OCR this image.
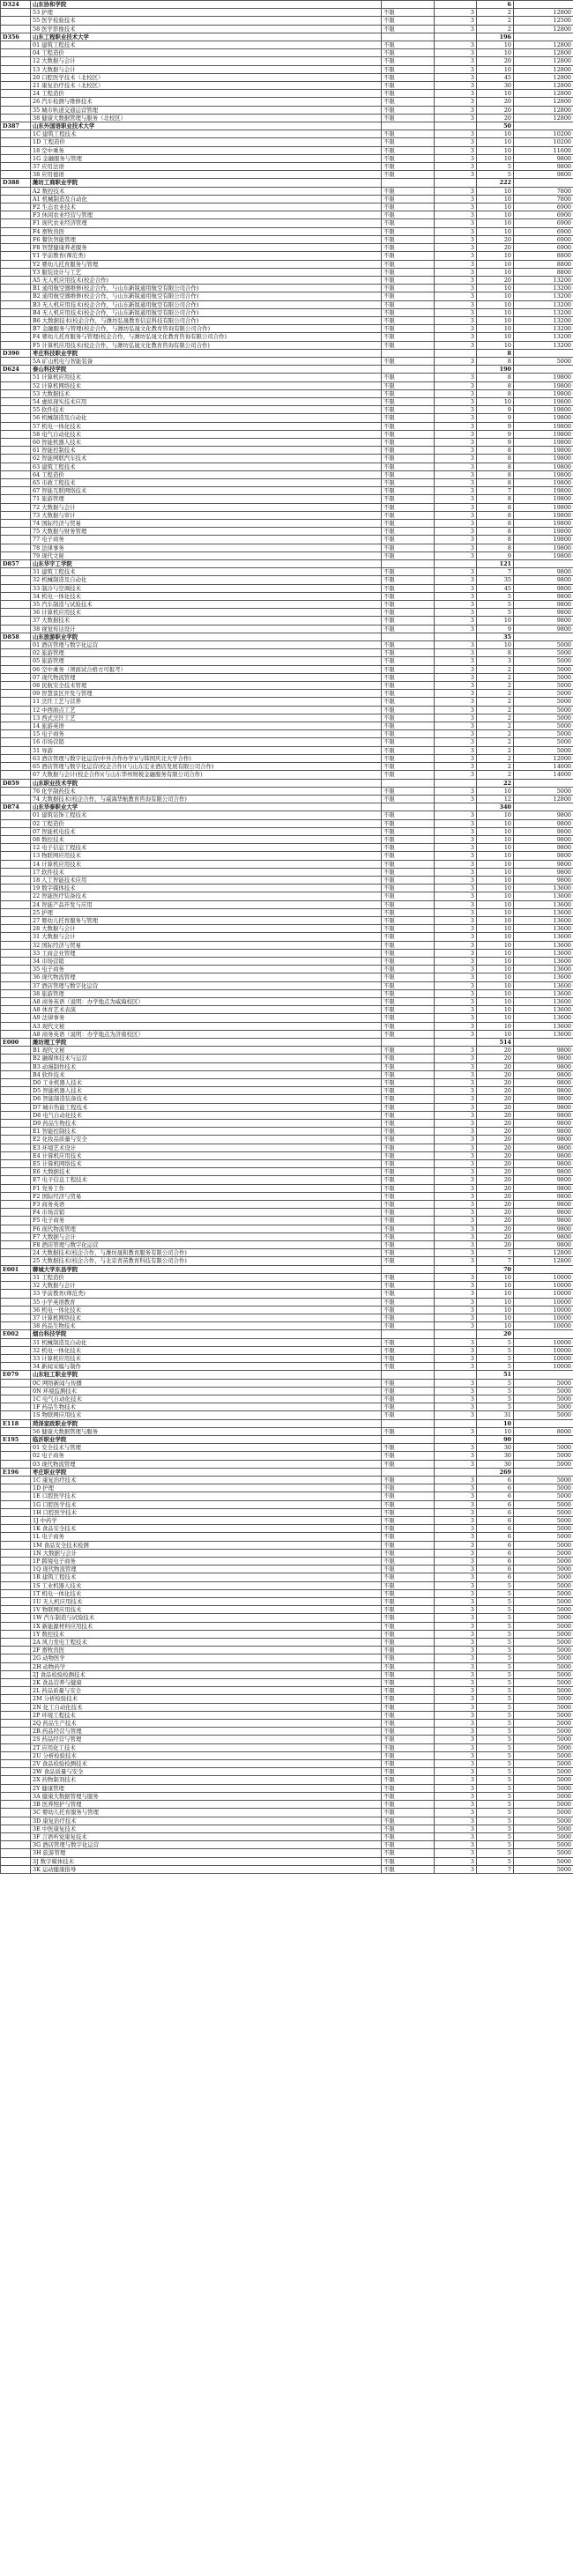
D324	山东协和学院			6	
	53 护理	不限	3	2	12800
	55 医学检验技术	不限	3	2	12500
	58 医学影像技术	不限	3	2	12800
D356	山东工程职业技术大学			196	
	01 建筑工程技术	不限	3	10	12800
	04 工程造价	不限	3	10	12800
	12 大数据与会计	不限	3	20	12800
	13 大数据与会计	不限	3	10	12800
	20 口腔医学技术（北校区）	不限	3	45	12800
	21 康复治疗技术（北校区）	不限	3	30	12800
	24 工程造价	不限	3	10	12800
	26 汽车检测与维修技术	不限	3	20	12800
	35 城市轨道交通运营管理	不限	3	20	12800
	38 健康大数据管理与服务（北校区）	不限	3	20	12800
D387	山东外国语职业技术大学			50	
	1C 建筑工程技术	不限	3	10	10200
	1D 工程造价	不限	3	10	10200
	18 空中乘务	不限	3	10	11600
	1G 金融服务与管理	不限	3	10	9800
	37 应用法语	不限	3	5	9800
	38 应用德语	不限	3	5	9800
D388	潍坊工商职业学院			222	
	A2 数控技术	不限	3	10	7800
	A1 机械制造及自动化	不限	3	10	7800
	F2 生态农业技术	不限	3	10	6900
	F3 休闲农业经营与管理	不限	3	10	6900
	F1 现代农业经济管理	不限	3	10	6900
	F4 畜牧兽医	不限	3	10	6900
	F6 餐饮智能管理	不限	3	20	6900
	F8 智慧健康养老服务	不限	3	20	6900
	Y1 学前教育(师范类)	不限	3	10	8800
	Y2 婴幼儿托育服务与管理	不限	3	10	8800
	Y3 服装设计与工艺	不限	3	10	8800
	A5 无人机应用技术(校企合作)	不限	3	20	13200
	B1 通用航空器维修(校企合作，与山东新锐通用航空有限公司合作)	不限	3	10	13200
	B2 通用航空器维修(校企合作，与山东新锐通用航空有限公司合作)	不限	3	10	13200
	B3 无人机应用技术(校企合作，与山东新锐通用航空有限公司合作)	不限	3	10	13200
	B4 无人机应用技术(校企合作，与山东新锐通用航空有限公司合作)	不限	3	10	13200
	B6 大数据技术(校企合作，与潍坊弘晟教育信息科技有限公司合作)	不限	3	10	13200
	B7 金融服务与管理(校企合作，与潍坊弘晟文化教育咨询有限公司合作)	不限	3	10	13200
	F4 婴幼儿托育服务与管理(校企合作，与潍坊弘晟文化教育咨询有限公司合作)	不限	3	10	13200
	F5 计算机应用技术(校企合作，与潍坊弘晟文化教育咨询有限公司合作)	不限	3	10	13200
D390	枣庄科技职业学院			8	
	5A 矿山机电与智能装备	不限	3	8	5000
D624	泰山科技学院			190	
	51 计算机应用技术	不限	3	8	19800
	52 计算机网络技术	不限	3	8	19800
	53 大数据技术	不限	3	8	19800
	54 虚拟现实技术应用	不限	3	10	19800
	55 软件技术	不限	3	9	19800
	56 机械制造及自动化	不限	3	9	19800
	57 机电一体化技术	不限	3	9	19800
	58 电气自动化技术	不限	3	9	19800
	60 智能机器人技术	不限	3	9	19800
	61 智能控制技术	不限	3	8	19800
	62 智能网联汽车技术	不限	3	8	19800
	63 建筑工程技术	不限	3	8	19800
	64 工程造价	不限	3	8	19800
	65 市政工程技术	不限	3	8	19800
	67 智能互联网络技术	不限	3	7	19800
	71 旅游管理	不限	3	8	19800
	72 大数据与会计	不限	3	8	19800
	73 大数据与审计	不限	3	8	19800
	74 国际经济与贸易	不限	3	8	19800
	75 大数据与财务管理	不限	3	8	19800
	77 电子商务	不限	3	8	19800
	78 法律事务	不限	3	8	19800
	79 现代文秘	不限	3	9	19800
D857	山东华宇工学院			121	
	31 建筑工程技术	不限	3	7	9800
	32 机械制造及自动化	不限	3	35	9800
	33 制冷与空调技术	不限	3	45	9800
	34 机电一体化技术	不限	3	5	9800
	35 汽车制造与试验技术	不限	3	5	9800
	36 计算机应用技术	不限	3	5	9800
	37 大数据技术	不限	3	10	9800
	38 视觉传达设计	不限	3	9	9800
D858	山东旅游职业学院			35	
	01 酒店管理与数字化运营	不限	3	10	5000
	02 旅游管理	不限	3	8	5000
	05 旅游管理	不限	3	3	5000
	06 空中乘务（须面试合格方可报考）	不限	3	2	5000
	07 现代物流管理	不限	3	2	5000
	08 民航安全技术管理	不限	3	2	5000
	09 智慧景区开发与管理	不限	3	2	5000
	11 烹饪工艺与营养	不限	3	2	5000
	12 中西面点工艺	不限	3	2	5000
	13 西式烹饪工艺	不限	3	2	5000
	14 旅游英语	不限	3	2	5000
	15 电子商务	不限	3	2	5000
	16 市场营销	不限	3	2	5000
	31 导游	不限	3	2	5000
	63 酒店管理与数字化运营(中外合作办学)(与韩国庆北大学合作)	不限	3	2	12000
	65 酒店管理与数字化运营(校企合作)(与山东宏业酒店发展有限公司合作)	不限	3	2	14000
	67 大数据与会计(校企合作)(与山东华州财税金融服务有限公司合作)	不限	3	2	14000
D859	山东职业技术学院			22	
	76 化学制药技术	不限	3	10	5000
	74 大数据技术(校企合作，与威海华航教育咨询有限公司合作)	不限	3	12	12800
D874	山东华泰职业大学			340	
	01 建筑装饰工程技术	不限	3	10	9800
	02 工程造价	不限	3	10	9800
	07 智能机电技术	不限	3	10	9800
	08 数控技术	不限	3	10	9800
	12 电子信息工程技术	不限	3	10	9800
	13 物联网应用技术	不限	3	10	9800
	14 计算机应用技术	不限	3	10	9800
	17 软件技术	不限	3	10	9800
	18 人工智能技术应用	不限	3	10	9800
	19 数字媒体技术	不限	3	10	13600
	22 智能医疗装备技术	不限	3	10	13600
	24 智能产品开发与应用	不限	3	10	13600
	25 护理	不限	3	10	13600
	27 婴幼儿托育服务与管理	不限	3	10	13600
	28 大数据与会计	不限	3	10	13600
	31 大数据与会计	不限	3	10	13600
	32 国际经济与贸易	不限	3	10	13600
	33 工商企业管理	不限	3	10	13600
	34 市场营销	不限	3	10	13600
	35 电子商务	不限	3	10	13600
	36 现代物流管理	不限	3	10	13600
	37 酒店管理与数字化运营	不限	3	10	13600
	38 旅游管理	不限	3	10	13600
	A8 商务英语（说明：办学地点为威海校区）	不限	3	10	13600
	A8 体育艺术表演	不限	3	10	13600
	A9 法律事务	不限	3	10	13600
	A3 现代文秘	不限	3	10	13600
	A8 商务英语（说明：办学地点为济南校区）	不限	3	10	13600
E000	潍坊理工学院			514	
	B1 现代文秘	不限	3	20	9800
	B2 融媒体技术与运营	不限	3	20	9800
	B3 动漫制作技术	不限	3	20	9800
	B4 软件技术	不限	3	20	9800
	D0 工业机器人技术	不限	3	20	9800
	D5 智能机器人技术	不限	3	20	9800
	D6 智能制造装备技术	不限	3	20	9800
	D7 城市热能工程技术	不限	3	20	9800
	D8 电气自动化技术	不限	3	20	9800
	D9 药品生物技术	不限	3	20	9800
	E1 智能控制技术	不限	3	20	9800
	E2 化妆品质量与安全	不限	3	20	9800
	E3 环境艺术设计	不限	3	20	9800
	E4 计算机应用技术	不限	3	20	9800
	E5 计算机网络技术	不限	3	20	9800
	E6 大数据技术	不限	3	20	9800
	E7 电子信息工程技术	不限	3	20	9800
	F1 党务工作	不限	3	20	9800
	F2 国际经济与贸易	不限	3	20	9800
	F3 商务英语	不限	3	20	9800
	F4 市场营销	不限	3	20	9800
	F5 电子商务	不限	3	20	9800
	F6 现代物流管理	不限	3	20	9800
	F7 大数据与会计	不限	3	20	9800
	F8 酒店管理与数字化运营	不限	3	20	9800
	24 大数据技术(校企合作，与潍坊晟和教育服务有限公司合作)	不限	3	7	12800
	25 大数据技术(校企合作，与北京青苗教育科技有限公司合作)	不限	3	7	12800
E001	聊城大学东昌学院			70	
	31 工程造价	不限	3	10	10000
	32 大数据与会计	不限	3	10	10000
	33 学前教育(师范类)	不限	3	10	10000
	35 小学英语教育	不限	3	10	10000
	36 机电一体化技术	不限	3	10	10000
	37 计算机网络技术	不限	3	10	10000
	38 药品生物技术	不限	3	10	10000
E002	烟台科技学院			20	
	31 机械制造及自动化	不限	3	5	10000
	32 机电一体化技术	不限	3	5	10000
	33 计算机应用技术	不限	3	5	10000
	34 新闻采编与制作	不限	3	5	10000
E079	山东轻工职业学院			51	
	0C 网络新闻与传播	不限	3	5	5000
	0N 环境监测技术	不限	3	5	5000
	1C 电气自动化技术	不限	3	5	5000
	1F 药品生物技术	不限	3	5	5000
	1S 物联网应用技术	不限	3	31	5000
E118	菏泽家政职业学院			10	
	56 健康大数据管理与服务	不限	3	10	8000
E195	临沂职业学院			90	
	01 安全技术与管理	不限	3	30	5000
	02 电子商务	不限	3	30	5000
	03 现代物流管理	不限	3	30	5000
E196	枣庄职业学院			269	
	1C 康复治疗技术	不限	3	6	5000
	1D 护理	不限	3	6	5000
	1E 口腔医学技术	不限	3	6	5000
	1G 口腔医学技术	不限	3	6	5000
	1H 口腔医学技术	不限	3	6	5000
	1J 中药学	不限	3	6	5000
	1K 食品安全技术	不限	3	6	5000
	1L 电子商务	不限	3	6	5000
	1M 食品安全技术检测	不限	3	6	5000
	1N 大数据与会计	不限	3	6	5000
	1P 跨境电子商务	不限	3	6	5000
	1Q 现代物流管理	不限	3	6	5000
	1R 建筑工程技术	不限	3	6	5000
	1S 工业机器人技术	不限	3	5	5000
	1T 机电一体化技术	不限	3	5	5000
	1U 无人机应用技术	不限	3	5	5000
	1V 物联网应用技术	不限	3	5	5000
	1W 汽车制造与试验技术	不限	3	5	5000
	1X 新能源材料应用技术	不限	3	5	5000
	1Y 数控技术	不限	3	5	5000
	2A 风力发电工程技术	不限	3	5	5000
	2F 畜牧兽医	不限	3	5	5000
	2G 动物医学	不限	3	5	5000
	2H 动物药学	不限	3	5	5000
	2J 食品检验检测技术	不限	3	5	5000
	2K 食品营养与健康	不限	3	5	5000
	2L 药品质量与安全	不限	3	5	5000
	2M 分析检验技术	不限	3	5	5000
	2N 化工自动化技术	不限	3	5	5000
	2P 环境工程技术	不限	3	5	5000
	2Q 药品生产技术	不限	3	5	5000
	2R 药品经营与管理	不限	3	5	5000
	2S 药品经营与管理	不限	3	5	5000
	2T 应用化工技术	不限	3	5	5000
	2U 分析检验技术	不限	3	5	5000
	2V 食品检验检测技术	不限	3	5	5000
	2W 食品质量与安全	不限	3	5	5000
	2X 药物制剂技术	不限	3	5	5000
	2Y 健康管理	不限	3	5	5000
	3A 健康大数据管理与服务	不限	3	5	5000
	3B 医养照护与管理	不限	3	5	5000
	3C 婴幼儿托育服务与管理	不限	3	5	5000
	3D 康复治疗技术	不限	3	5	5000
	3E 中医康复技术	不限	3	5	5000
	3F 言语听觉康复技术	不限	3	5	5000
	3G 酒店管理与数字化运营	不限	3	5	5000
	3H 旅游管理	不限	3	5	5000
	3J 数字媒体技术	不限	3	5	5000
	3K 运动健康指导	不限	3	7	5000
